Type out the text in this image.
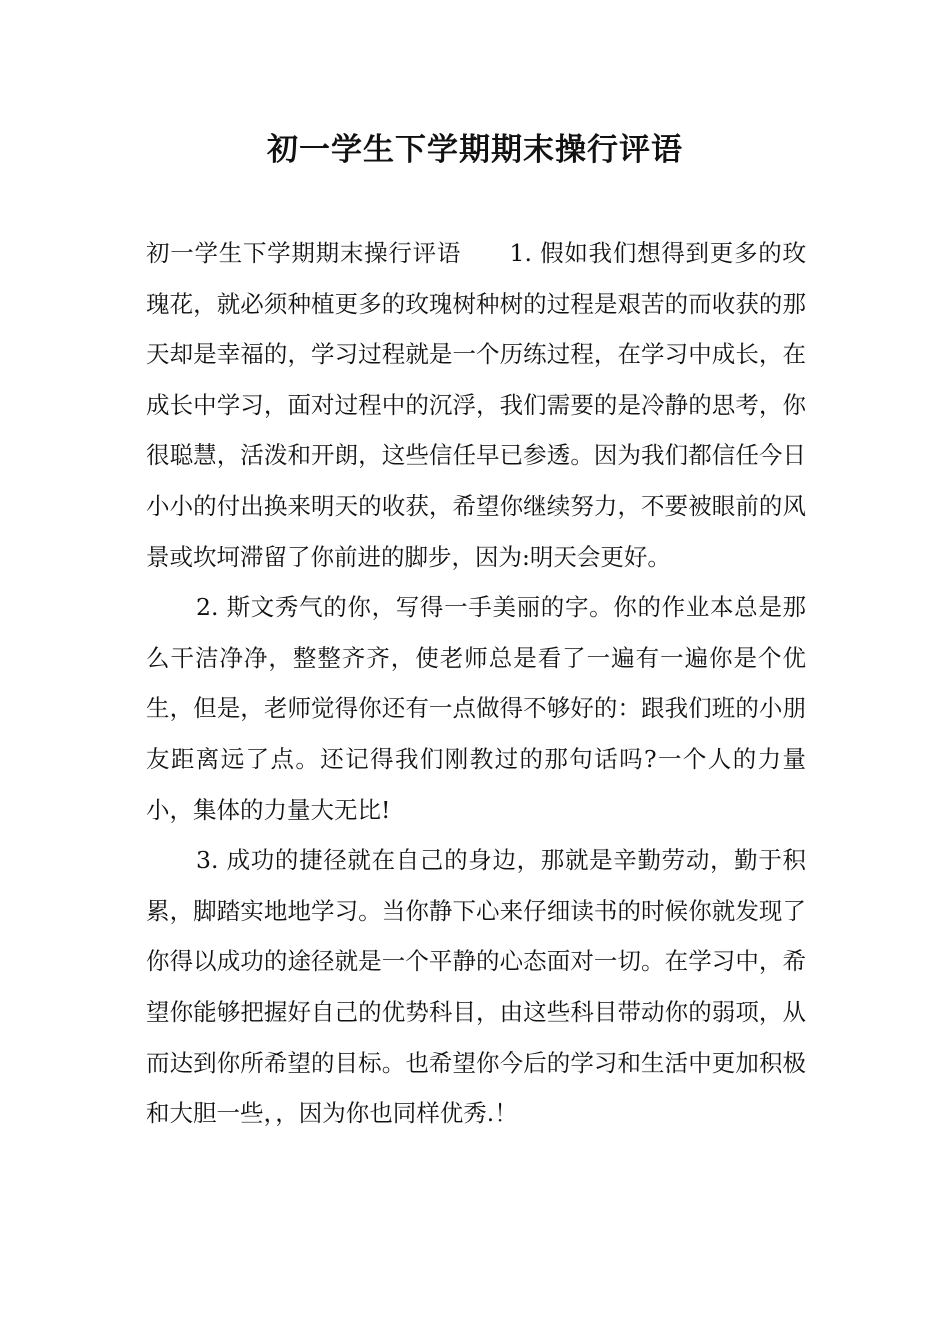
初一学生下学期期末操行评语

初一学生下学期期末操行评语　　1. 假如我们想得到更多的玫瑰花，就必须种植更多的玫瑰树种树的过程是艰苦的而收获的那天却是幸福的，学习过程就是一个历练过程，在学习中成长，在成长中学习，面对过程中的沉浮，我们需要的是冷静的思考，你很聪慧，活泼和开朗，这些信任早已参透。因为我们都信任今日小小的付出换来明天的收获，希望你继续努力，不要被眼前的风景或坎坷滞留了你前进的脚步，因为:明天会更好。

2. 斯文秀气的你，写得一手美丽的字。你的作业本总是那么干洁净净，整整齐齐，使老师总是看了一遍有一遍你是个优生，但是，老师觉得你还有一点做得不够好的：跟我们班的小朋友距离远了点。还记得我们刚教过的那句话吗?一个人的力量小，集体的力量大无比!

3. 成功的捷径就在自己的身边，那就是辛勤劳动，勤于积累，脚踏实地地学习。当你静下心来仔细读书的时候你就发现了你得以成功的途径就是一个平静的心态面对一切。在学习中，希望你能够把握好自己的优势科目，由这些科目带动你的弱项，从而达到你所希望的目标。也希望你今后的学习和生活中更加积极和大胆一些，，因为你也同样优秀.！
